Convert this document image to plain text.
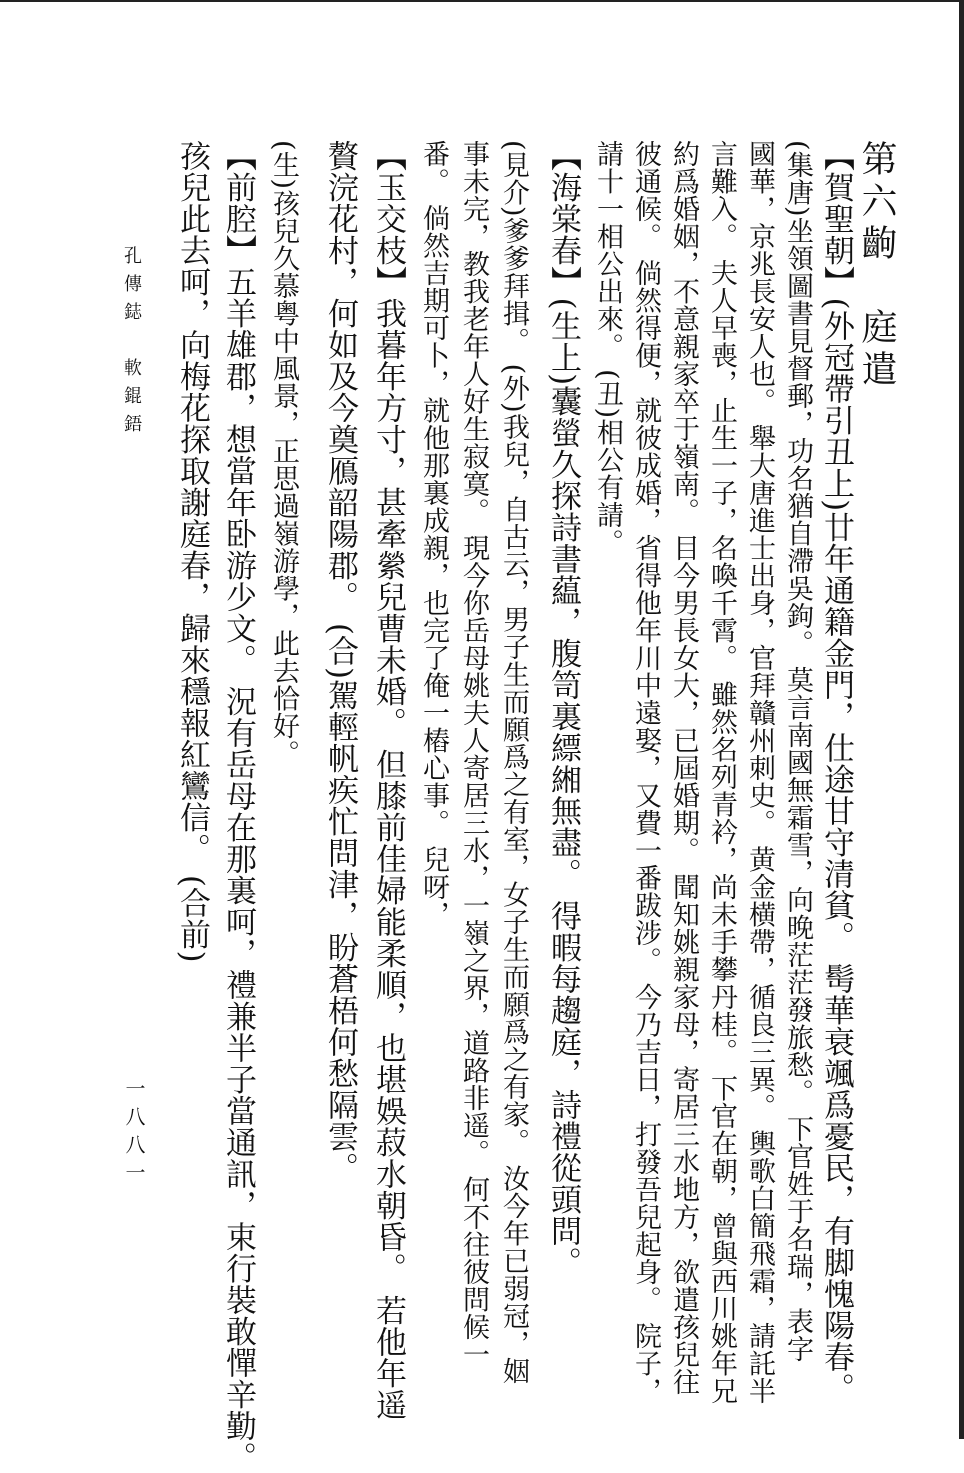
第六齣　庭遣
【賀聖朝】(外冠帶引丑上)廿年通籍金門，仕途甘守清貧。 髩華衰颯爲憂民，有脚愧陽春。
(集唐)坐領圖書見督郵，功名猶自滯吳鉤。 莫言南國無霜雪，向晚茫茫發旅愁。 下官姓于名瑞，表字
國華，京兆長安人也。 舉大唐進士出身，官拜贛州刺史。 黄金横帶，循良三異。 輿歌白簡飛霜，請託半
言難入。 夫人早喪，止生一子，名喚千霄。 雖然名列青衿，尚未手攀丹桂。 下官在朝，曾與西川姚年兄
約爲婚姻，不意親家卒于嶺南。 目今男長女大，已屆婚期。 聞知姚親家母，寄居三水地方，欲遣孩兒往
彼通候。 倘然得便，就彼成婚，省得他年川中遠娶，又費一番跋涉。 今乃吉日，打發吾兒起身。 院子，
請十一相公出來。 (丑)相公有請。
【海棠春】(生上)囊螢久探詩書藴，腹笥裏縹緗無盡。 得暇每趨庭，詩禮從頭問。
(見介)爹爹拜揖。 (外)我兒，自古云，男子生而願爲之有室，女子生而願爲之有家。 汝今年已弱冠，姻
事未完，教我老年人好生寂寞。 現今你岳母姚夫人寄居三水，一嶺之界，道路非遥。 何不往彼問候一
番。 倘然吉期可卜，就他那裏成親，也完了俺一樁心事。 兒呀，
【玉交枝】我暮年方寸，甚牽縈兒曹未婚。 但膝前佳婦能柔順，也堪娛菽水朝昏。 若他年遥
贅浣花村，何如及今奠鴈韶陽郡。 (合)駕輕帆疾忙問津，盼蒼梧何愁隔雲。
(生)孩兒久慕粤中風景，正思過嶺游學，此去恰好。
【前腔】五羊雄郡，想當年卧游少文。 況有岳母在那裏呵，禮兼半子當通訊，束行裝敢憚辛勤。
孩兒此去呵，向梅花探取謝庭春，歸來穩報紅鸞信。 (合前)
孔傳鋕　軟錕鋙
一八八一
